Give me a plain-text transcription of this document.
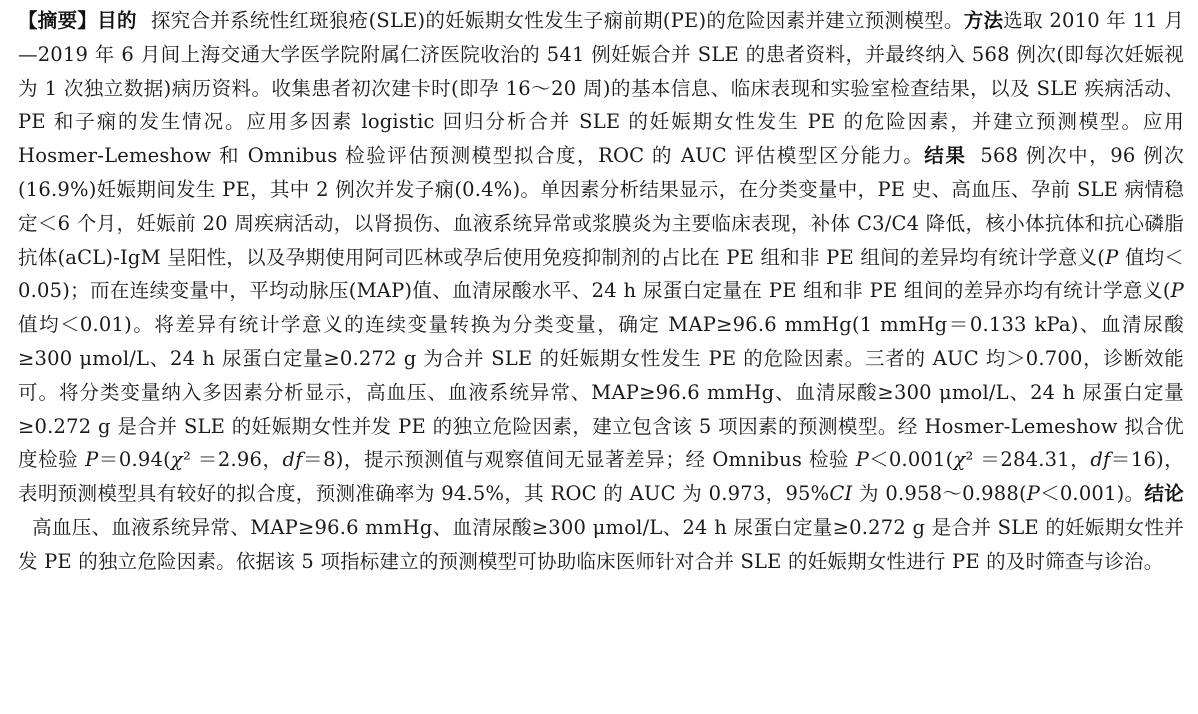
【摘要】目的 探究合并系统性红斑狼疮(SLE)的妊娠期女性发生子痫前期(PE)的危险因素并建立预测模型。方法选取 2010 年 11 月—2019 年 6 月间上海交通大学医学院附属仁济医院收治的 541 例妊娠合并 SLE 的患者资料，并最终纳入 568 例次(即每次妊娠视为 1 次独立数据)病历资料。收集患者初次建卡时(即孕 16～20 周)的基本信息、临床表现和实验室检查结果，以及 SLE 疾病活动、PE 和子痫的发生情况。应用多因素 logistic 回归分析合并 SLE 的妊娠期女性发生 PE 的危险因素，并建立预测模型。应用 Hosmer-Lemeshow 和 Omnibus 检验评估预测模型拟合度，ROC 的 AUC 评估模型区分能力。结果 568 例次中，96 例次(16.9%)妊娠期间发生 PE，其中 2 例次并发子痫(0.4%)。单因素分析结果显示，在分类变量中，PE 史、高血压、孕前 SLE 病情稳定＜6 个月，妊娠前 20 周疾病活动，以肾损伤、血液系统异常或浆膜炎为主要临床表现，补体 C3/C4 降低，核小体抗体和抗心磷脂抗体(aCL)-IgM 呈阳性，以及孕期使用阿司匹林或孕后使用免疫抑制剂的占比在 PE 组和非 PE 组间的差异均有统计学意义(P 值均＜0.05)；而在连续变量中，平均动脉压(MAP)值、血清尿酸水平、24 h 尿蛋白定量在 PE 组和非 PE 组间的差异亦均有统计学意义(P 值均＜0.01)。将差异有统计学意义的连续变量转换为分类变量，确定 MAP≥96.6 mmHg(1 mmHg＝0.133 kPa)、血清尿酸≥300 μmol/L、24 h 尿蛋白定量≥0.272 g 为合并 SLE 的妊娠期女性发生 PE 的危险因素。三者的 AUC 均＞0.700，诊断效能可。将分类变量纳入多因素分析显示，高血压、血液系统异常、MAP≥96.6 mmHg、血清尿酸≥300 μmol/L、24 h 尿蛋白定量≥0.272 g 是合并 SLE 的妊娠期女性并发 PE 的独立危险因素，建立包含该 5 项因素的预测模型。经 Hosmer-Lemeshow 拟合优度检验 P＝0.94(χ² ＝2.96，df＝8)，提示预测值与观察值间无显著差异；经 Omnibus 检验 P＜0.001(χ² ＝284.31，df＝16)，表明预测模型具有较好的拟合度，预测准确率为 94.5%，其 ROC 的 AUC 为 0.973，95%CI 为 0.958～0.988(P＜0.001)。结论高血压、血液系统异常、MAP≥96.6 mmHg、血清尿酸≥300 μmol/L、24 h 尿蛋白定量≥0.272 g 是合并 SLE 的妊娠期女性并发 PE 的独立危险因素。依据该 5 项指标建立的预测模型可协助临床医师针对合并 SLE 的妊娠期女性进行 PE 的及时筛查与诊治。
